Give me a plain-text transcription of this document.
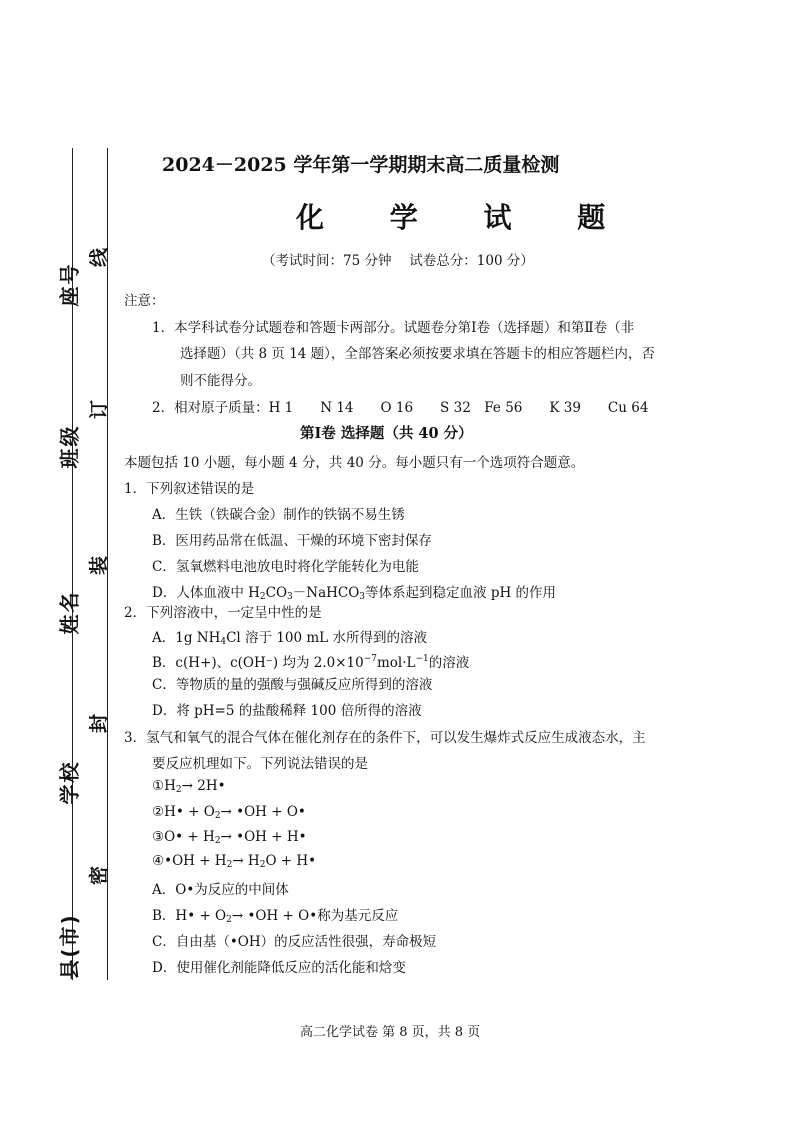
座号
班级
姓名
学校
县(市)
线
订
装
封
密
2024－2025 学年第一学期期末高二质量检测
化 学 试 题
（考试时间：75 分钟　 试卷总分：100 分）
注意：
1．本学科试卷分试题卷和答题卡两部分。试题卷分第Ⅰ卷（选择题）和第Ⅱ卷（非
选择题）（共 8 页 14 题），全部答案必须按要求填在答题卡的相应答题栏内，否
则不能得分。
2．相对原子质量：H 1　　N 14　　O 16　　S 32　Fe 56　　K 39　　Cu 64
第Ⅰ卷 选择题（共 40 分）
本题包括 10 小题，每小题 4 分，共 40 分。每小题只有一个选项符合题意。
1．下列叙述错误的是
A．生铁（铁碳合金）制作的铁锅不易生锈
B．医用药品常在低温、干燥的环境下密封保存
C．氢氧燃料电池放电时将化学能转化为电能
D．人体血液中 $H_2CO_3-NaHCO_3$等体系起到稳定血液 pH 的作用
2．下列溶液中，一定呈中性的是
A．1g $NH_4Cl$ 溶于 100 mL 水所得到的溶液
B．c(H+)、c(OH⁻) 均为 $2.0\times 10^{-7}mol\cdot L^{-1}$的溶液
C．等物质的量的强酸与强碱反应所得到的溶液
D．将 pH=5 的盐酸稀释 100 倍所得的溶液
3．氢气和氧气的混合气体在催化剂存在的条件下，可以发生爆炸式反应生成液态水，主
要反应机理如下。下列说法错误的是
$①H_2\to$ 2H•
②H• + $O_2\to$ •OH + O•
③O• + $H_2\to$ •OH + H•
④•OH + $H_2\to H_2O$ + H•
A．O•为反应的中间体
B．H• + $O_2\to$ •OH + O•称为基元反应
C．自由基（•OH）的反应活性很强，寿命极短
D．使用催化剂能降低反应的活化能和焓变
高二化学试卷 第 8 页，共 8 页
